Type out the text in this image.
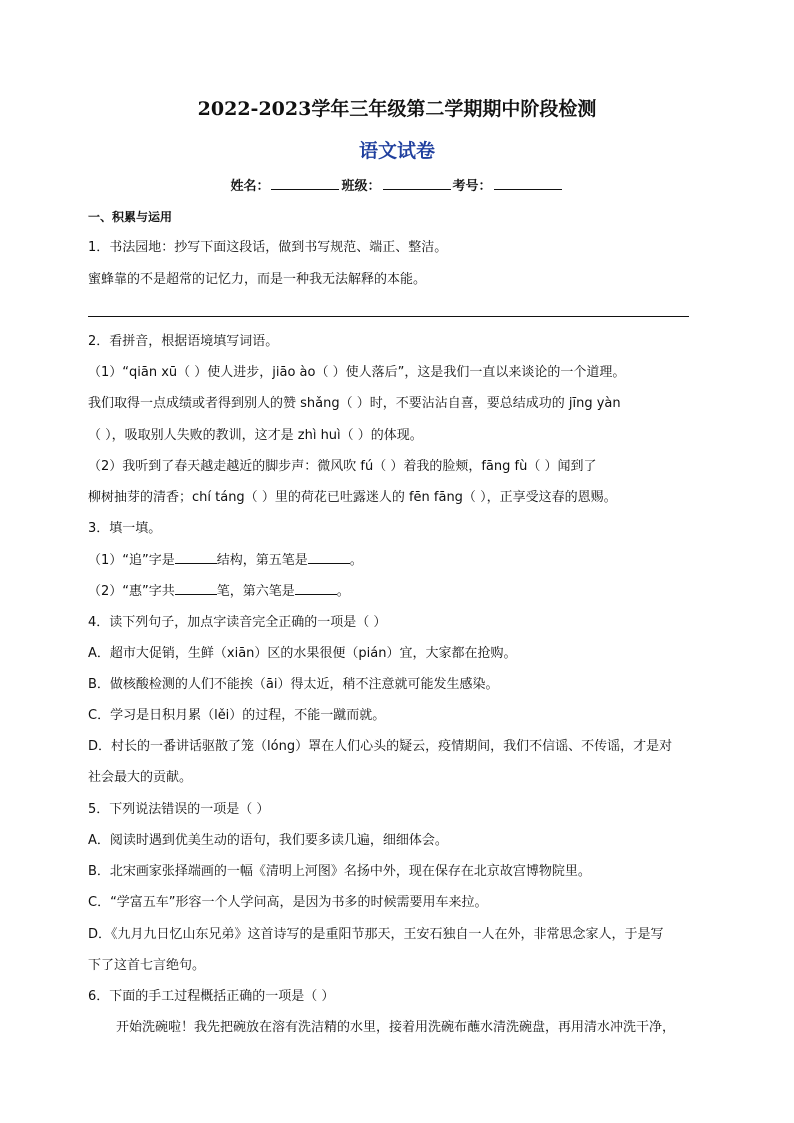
2022-2023学年三年级第二学期期中阶段检测
语文试卷
姓名：	班级：	考号：
一、积累与运用
1．书法园地：抄写下面这段话，做到书写规范、端正、整洁。
蜜蜂靠的不是超常的记忆力，而是一种我无法解释的本能。
2．看拼音，根据语境填写词语。
（1）“qiān xū（ ）使人进步，jiāo ào（ ）使人落后”，这是我们一直以来谈论的一个道理。
我们取得一点成绩或者得到别人的赞 shǎng（ ）时，不要沾沾自喜，要总结成功的 jīng yàn
（ ），吸取别人失败的教训，这才是 zhì huì（ ）的体现。
（2）我听到了春天越走越近的脚步声：微风吹 fú（ ）着我的脸颊，fāng fù（ ）闻到了
柳树抽芽的清香；chí táng（ ）里的荷花已吐露迷人的 fēn fāng（ ），正享受这春的恩赐。
3．填一填。
（1）“追”字是	结构，第五笔是	。
（2）“惠”字共	笔，第六笔是	。
4．读下列句子，加点字读音完全正确的一项是（ ）
A．超市大促销，生鲜（xiān）区的水果很便（pián）宜，大家都在抢购。
B．做核酸检测的人们不能挨（āi）得太近，稍不注意就可能发生感染。
C．学习是日积月累（lěi）的过程，不能一蹴而就。
D．村长的一番讲话驱散了笼（lóng）罩在人们心头的疑云，疫情期间，我们不信谣、不传谣，才是对
社会最大的贡献。
5．下列说法错误的一项是（ ）
A．阅读时遇到优美生动的语句，我们要多读几遍，细细体会。
B．北宋画家张择端画的一幅《清明上河图》名扬中外，现在保存在北京故宫博物院里。
C．“学富五车”形容一个人学问高，是因为书多的时候需要用车来拉。
D．《九月九日忆山东兄弟》这首诗写的是重阳节那天，王安石独自一人在外，非常思念家人，于是写
下了这首七言绝句。
6．下面的手工过程概括正确的一项是（ ）
开始洗碗啦！我先把碗放在溶有洗洁精的水里，接着用洗碗布蘸水清洗碗盘，再用清水冲洗干净，
